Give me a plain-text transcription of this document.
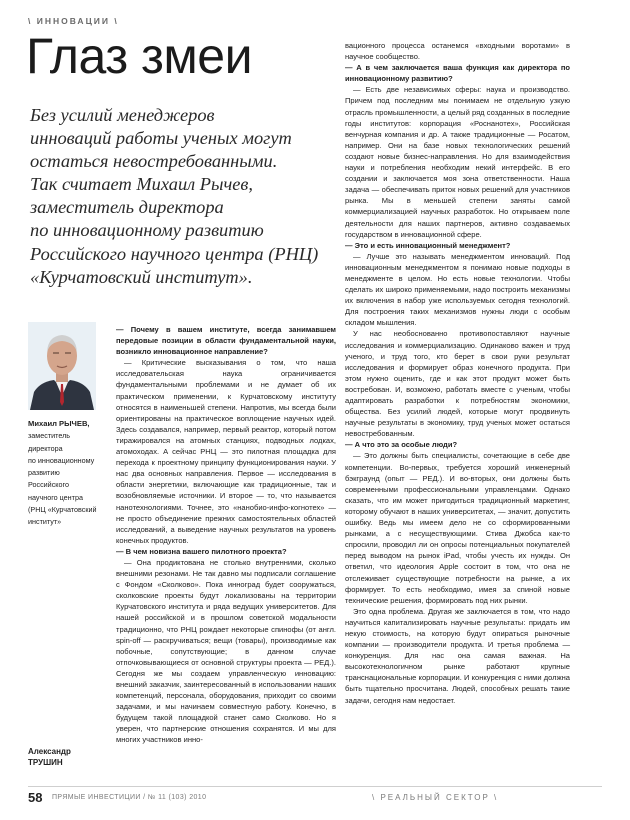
\ ИННОВАЦИИ \
Глаз змеи

Без усилий менеджеров

инноваций работы ученых могут

остаться невостребованными.

Так считает Михаил Рычев,

заместитель директора

по инновационному развитию

Российского научного центра (РНЦ)

«Курчатовский институт».

Михаил РЫЧЕВ,
заместитель
директора
по инновационному
развитию
Российского
научного центра
(РНЦ «Курчатовский
институт»
Александр
ТРУШИН

— Почему в вашем институте, всегда занимавшем передовые позиции в области фундаментальной науки, возникло инновационное направление?

— Критические высказывания о том, что наша исследовательская наука ограничивается фундаментальными проблемами и не думает об их практическом применении, к Курчатовскому институту относятся в наименьшей степени. Напротив, мы всегда были ориентированы на практическое воплощение научных идей. Здесь создавался, например, первый реактор, который потом тиражировался на атомных станциях, подводных лодках, атомоходах. А сейчас РНЦ — это пилотная площадка для перехода к проектному принципу функционирования науки. У нас два основных направления. Первое — исследования в области энергетики, включающие как традиционные, так и возобновляемые источники. И второе — то, что называется нанотехнологиями. Точнее, это «нанобио-инфо-когнотех» — не просто объединение прежних самостоятельных областей исследований, а выведение научных результатов на уровень конечных продуктов.

— В чем новизна вашего пилотного проекта?

— Она продиктована не столько внутренними, сколько внешними резонами. Не так давно мы подписали соглашение с Фондом «Сколково». Пока инноград будет сооружаться, сколковские проекты будут локализованы на территории Курчатовского института и ряда ведущих университетов. Для нашей российской и в прошлом советской модальности традиционно, что РНЦ рождает некоторые спинофы (от англ. spin-off — раскручиваться; вещи (товары), производимые как побочные, сопутствующие; в данном случае отпочковывающиеся от основной структуры проекта — РЕД.). Сегодня же мы создаем управленческую инновацию: внешний заказчик, заинтересованный в использовании наших компетенций, персонала, оборудования, приходит со своими задачами, и мы начинаем совместную работу. Конечно, в будущем такой площадкой станет само Сколково. Но я уверен, что партнерские отношения сохранятся. И мы для многих участников инно-

вационного процесса останемся «входными воротами» в научное сообщество.

— А в чем заключается ваша функция как директора по инновационному развитию?

— Есть две независимых сферы: наука и производство. Причем под последним мы понимаем не отдельную узкую отрасль промышленности, а целый ряд созданных в последние годы институтов: корпорация «Роснанотех», Российская венчурная компания и др. А также традиционные — Росатом, например. Они на базе новых технологических решений создают новые бизнес-направления. Но для взаимодействия науки и потребления необходим некий интерфейс. В его создании и заключается моя зона ответственности. Наша задача — обеспечивать приток новых решений для участников рынка. Мы в меньшей степени заняты самой коммерциализацией научных разработок. Но открываем поле деятельности для наших партнеров, активно создаваемых государством в инновационной сфере.

— Это и есть инновационный менеджмент?

— Лучше это называть менеджментом инноваций. Под инновационным менеджментом я понимаю новые подходы в менеджменте в целом. Но есть новые технологии. Чтобы сделать их широко применяемыми, надо построить механизмы их включения в набор уже используемых сегодня технологий. Для построения таких механизмов нужны люди с особым складом мышления.

У нас необоснованно противопоставляют научные исследования и коммерциализацию. Одинаково важен и труд ученого, и труд того, кто берет в свои руки результат исследования и формирует образ конечного продукта. При этом нужно оценить, где и как этот продукт может быть востребован. И, возможно, работать вместе с ученым, чтобы адаптировать разработки к потребностям экономики, общества. Без усилий людей, которые могут продвинуть научные результаты в экономику, труд ученых может остаться невостребованным.

— А что это за особые люди?

— Это должны быть специалисты, сочетающие в себе две компетенции. Во-первых, требуется хороший инженерный бэкграунд (опыт — РЕД.). И во-вторых, они должны быть современными профессиональными управленцами. Однако сказать, что им может пригодиться традиционный маркетинг, которому обучают в наших университетах, — значит, допустить ошибку. Ведь мы имеем дело не со сформированными рынками, а с несуществующими. Стива Джобса как-то спросили, проводил ли он опросы потенциальных покупателей перед выводом на рынок iPad, чтобы учесть их нужды. Он ответил, что идеология Apple состоит в том, что она не отслеживает существующие потребности на рынке, а их формирует. То есть необходимо, имея за спиной новые технические решения, формировать под них рынки.

Это одна проблема. Другая же заключается в том, что надо научиться капитализировать научные результаты: придать им некую стоимость, на которую будут опираться рыночные компании — производители продукта. И третья проблема — конкуренция. Для нас она самая важная. На высокотехнологичном рынке работают крупные транснациональные корпорации. И конкуренция с ними должна быть тщательно просчитана. Людей, способных решать такие задачи, сегодня нам недостает.

58 ПРЯМЫЕ ИНВЕСТИЦИИ / № 11 (103) 2010	\ РЕАЛЬНЫЙ СЕКТОР \
